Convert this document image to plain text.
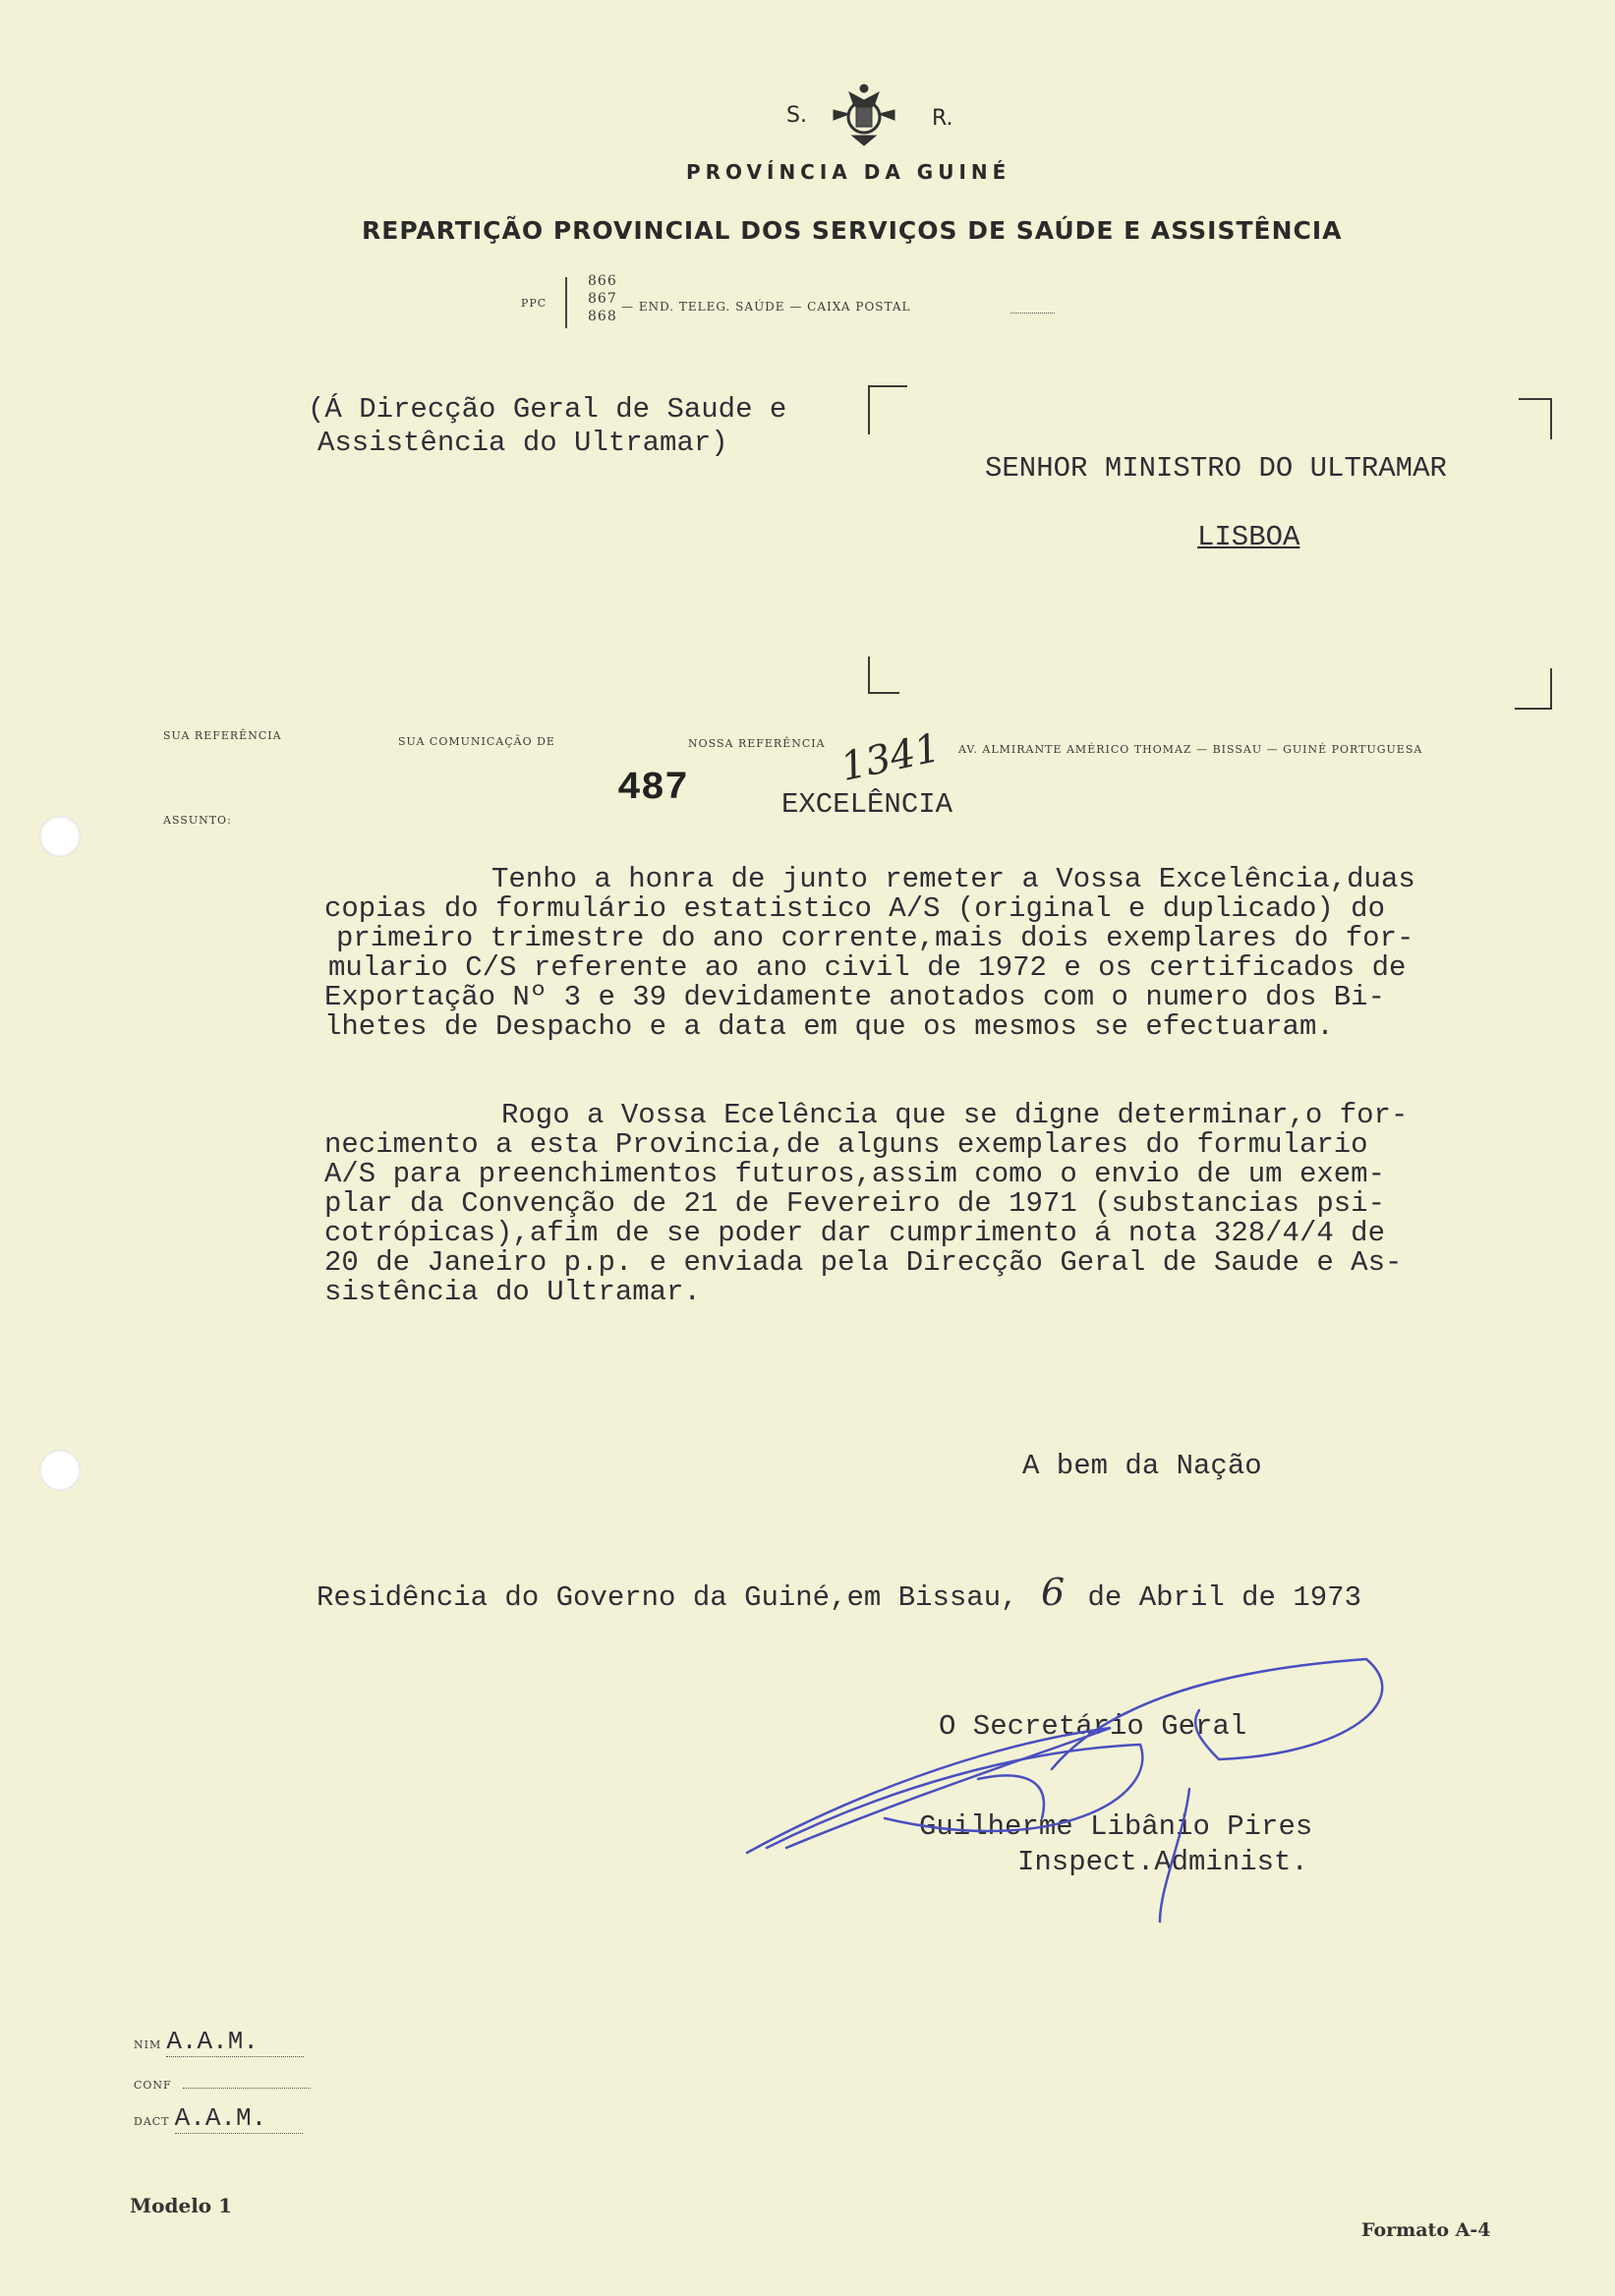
S.	R.
PROVÍNCIA DA GUINÉ
REPARTIÇÃO PROVINCIAL DOS SERVIÇOS DE SAÚDE E ASSISTÊNCIA
PPC
866
867
868
— END. TELEG. SAÚDE — CAIXA POSTAL
(Á Direcção Geral de Saude e
Assistência do Ultramar)
SENHOR MINISTRO DO ULTRAMAR
LISBOA
SUA REFERÊNCIA	SUA COMUNICAÇÃO DE	NOSSA REFERÊNCIA 1341 AV. ALMIRANTE AMÉRICO THOMAZ — BISSAU — GUINÉ PORTUGUESA
ASSUNTO:
487	EXCELÊNCIA
Tenho a honra de junto remeter a Vossa Excelência,duas
copias do formulário estatistico A/S (original e duplicado) do
primeiro trimestre do ano corrente,mais dois exemplares do for-
mulario C/S referente ao ano civil de 1972 e os certificados de
Exportação Nº 3 e 39 devidamente anotados com o numero dos Bi-
lhetes de Despacho e a data em que os mesmos se efectuaram.
Rogo a Vossa Ecelência que se digne determinar,o for-
necimento a esta Provincia,de alguns exemplares do formulario
A/S para preenchimentos futuros,assim como o envio de um exem-
plar da Convenção de 21 de Fevereiro de 1971 (substancias psi-
cotrópicas),afim de se poder dar cumprimento á nota 328/4/4 de
20 de Janeiro p.p. e enviada pela Direcção Geral de Saude e As-
sistência do Ultramar.
A bem da Nação
Residência do Governo da Guiné,em Bissau, 6 de Abril de 1973
O Secretário Geral
Guilherme Libânio Pires
Inspect.Administ.
NIM A.A.M.
CONF
DACT A.A.M.
Modelo 1
Formato A-4
